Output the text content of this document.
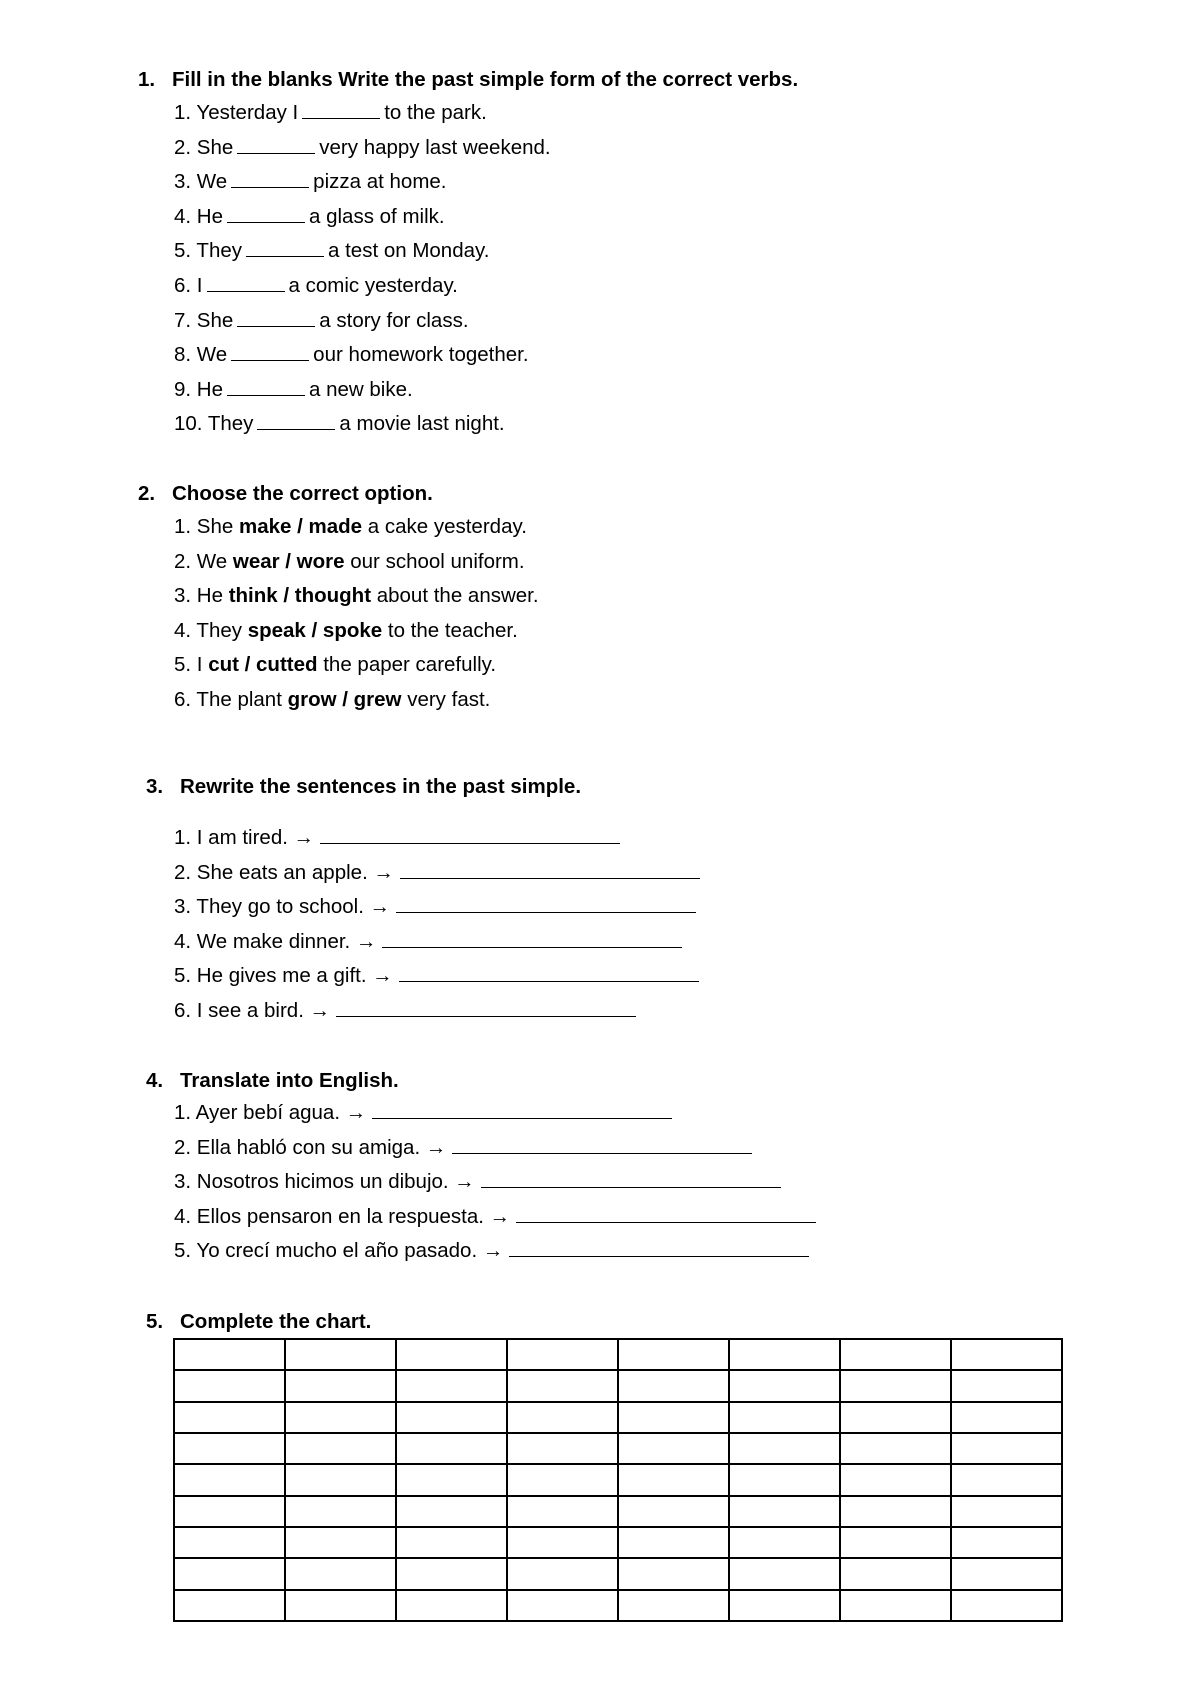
1. Fill in the blanks Write the past simple form of the correct verbs.
1. Yesterday I	to the park.
2. She	very happy last weekend.
3. We	pizza at home.
4. He	a glass of milk.
5. They	a test on Monday.
6. I	a comic yesterday.
7. She	a story for class.
8. We	our homework together.
9. He	a new bike.
10. They	a movie last night.
2. Choose the correct option.
1. She make / made a cake yesterday.
2. We wear / wore our school uniform.
3. He think / thought about the answer.
4. They speak / spoke to the teacher.
5. I cut / cutted the paper carefully.
6. The plant grow / grew very fast.
3. Rewrite the sentences in the past simple.
1. I am tired. →
2. She eats an apple. →
3. They go to school. →
4. We make dinner. →
5. He gives me a gift. →
6. I see a bird. →
4. Translate into English.
1. Ayer bebí agua. →
2. Ella habló con su amiga. →
3. Nosotros hicimos un dibujo. →
4. Ellos pensaron en la respuesta. →
5. Yo crecí mucho el año pasado. →
5. Complete the chart.
